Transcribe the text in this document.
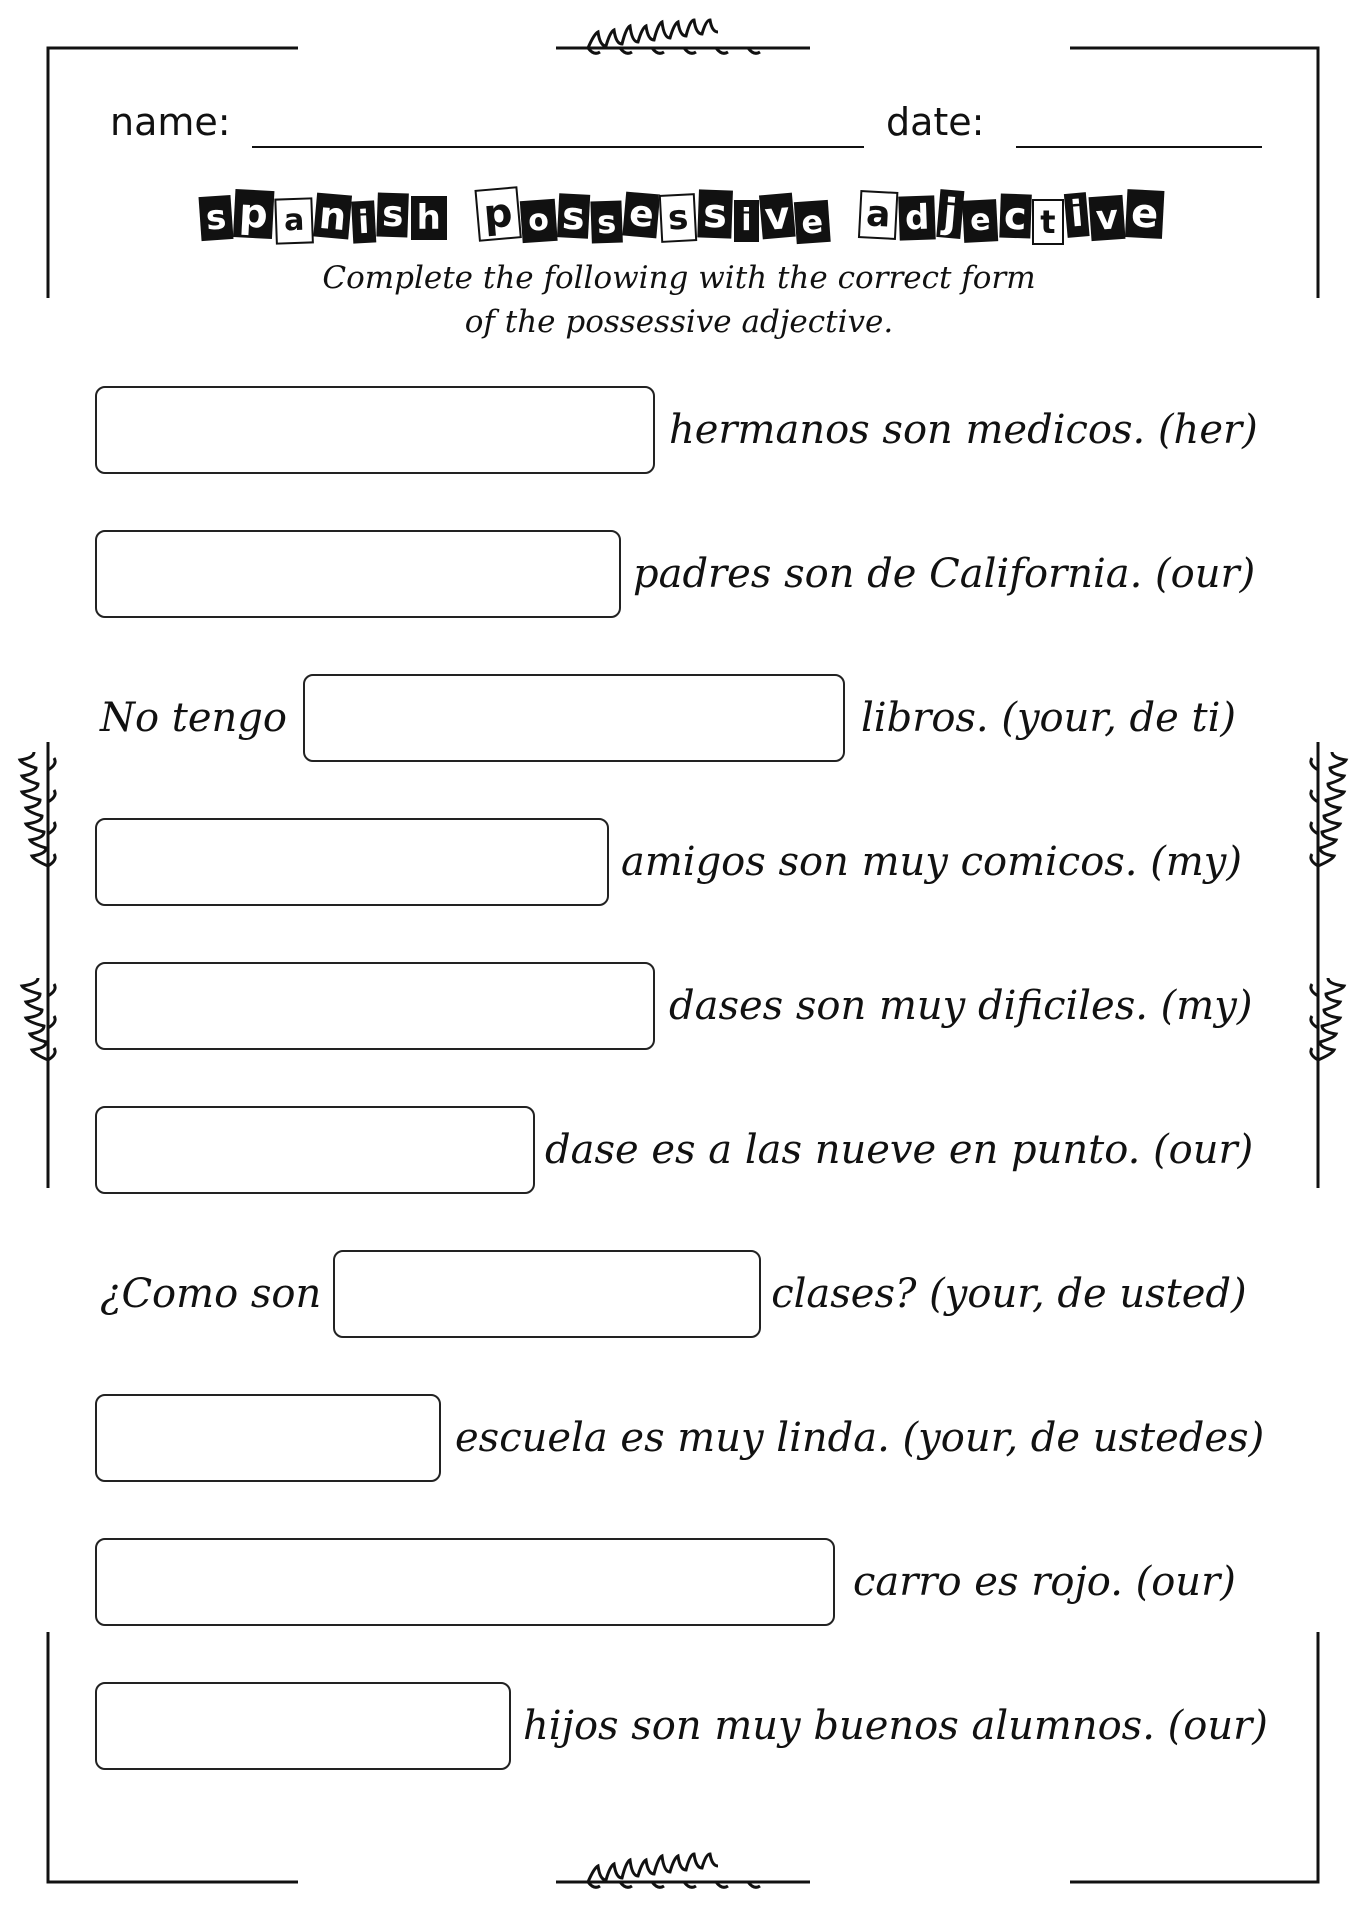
name:	date:
s p a n i s h p o s s e s s i v e a d j e c t i v e
Complete the following with the correct form
of the possessive adjective.
hermanos son medicos. (her)
padres son de California. (our)
No tengo	libros. (your, de ti)
amigos son muy comicos. (my)
dases son muy dificiles. (my)
dase es a las nueve en punto. (our)
¿Como son	clases? (your, de usted)
escuela es muy linda. (your, de ustedes)
carro es rojo. (our)
hijos son muy buenos alumnos. (our)
